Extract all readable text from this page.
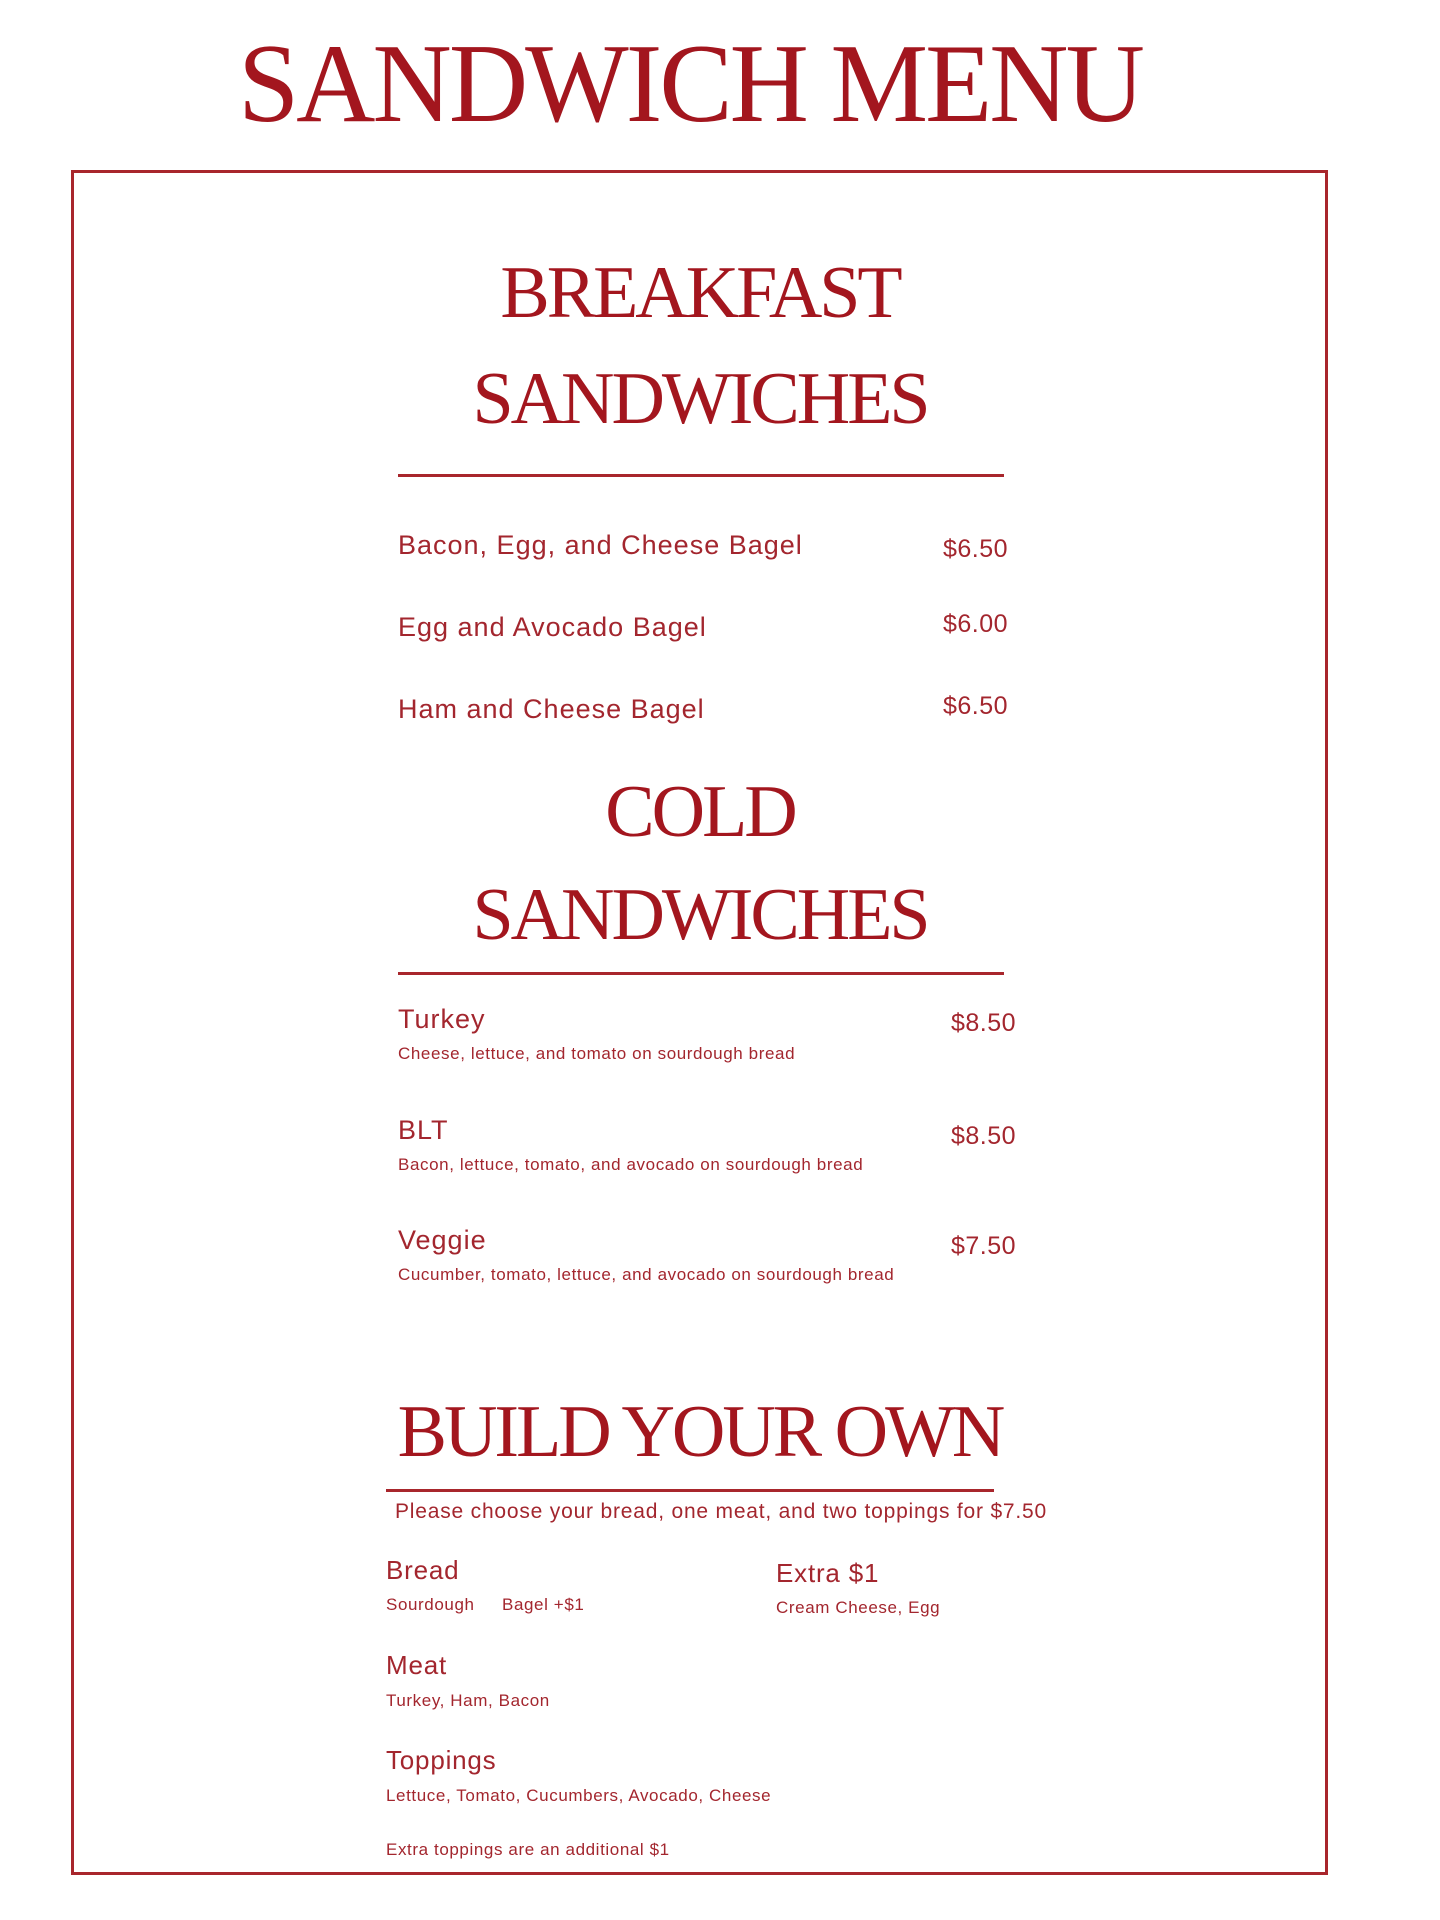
SANDWICH MENU
BREAKFAST
SANDWICHES
Bacon, Egg, and Cheese Bagel	$6.50
Egg and Avocado Bagel	$6.00
Ham and Cheese Bagel	$6.50
COLD
SANDWICHES
Turkey
Cheese, lettuce, and tomato on sourdough bread
$8.50
BLT
Bacon, lettuce, tomato, and avocado on sourdough bread
$8.50
Veggie
Cucumber, tomato, lettuce, and avocado on sourdough bread
$7.50
BUILD YOUR OWN
Please choose your bread, one meat, and two toppings for $7.50
Bread
Sourdough Bagel +$1
Extra $1
Cream Cheese, Egg
Meat
Turkey, Ham, Bacon
Toppings
Lettuce, Tomato, Cucumbers, Avocado, Cheese
Extra toppings are an additional $1
